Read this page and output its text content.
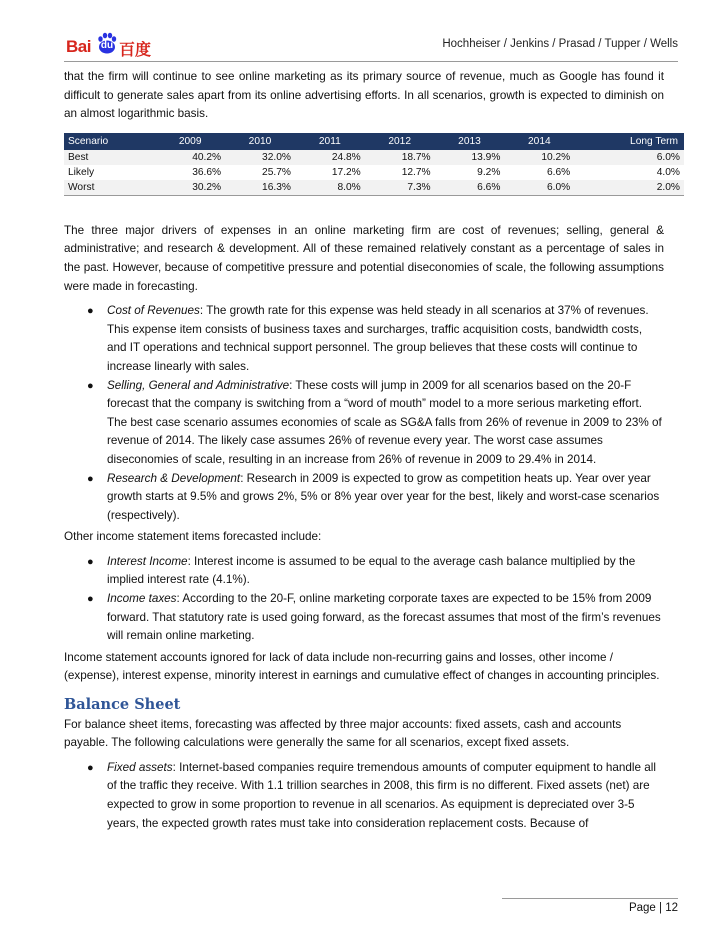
Bai du 百度	Hochheiser / Jenkins / Prasad / Tupper / Wells

that the firm will continue to see online marketing as its primary source of revenue, much as Google has found it difficult to generate sales apart from its online advertising efforts. In all scenarios, growth is expected to diminish on an almost logarithmic basis.

Scenario	2009	2010	2011	2012	2013	2014	Long Term
Best	40.2%	32.0%	24.8%	18.7%	13.9%	10.2%	6.0%
Likely	36.6%	25.7%	17.2%	12.7%	9.2%	6.6%	4.0%
Worst	30.2%	16.3%	8.0%	7.3%	6.6%	6.0%	2.0%

The three major drivers of expenses in an online marketing firm are cost of revenues; selling, general & administrative; and research & development. All of these remained relatively constant as a percentage of sales in the past. However, because of competitive pressure and potential diseconomies of scale, the following assumptions were made in forecasting.

● Cost of Revenues: The growth rate for this expense was held steady in all scenarios at 37% of revenues. This expense item consists of business taxes and surcharges, traffic acquisition costs, bandwidth costs, and IT operations and technical support personnel. The group believes that these costs will continue to increase linearly with sales.
● Selling, General and Administrative: These costs will jump in 2009 for all scenarios based on the 20-F forecast that the company is switching from a “word of mouth” model to a more serious marketing effort. The best case scenario assumes economies of scale as SG&A falls from 26% of revenue in 2009 to 23% of revenue of 2014. The likely case assumes 26% of revenue every year. The worst case assumes diseconomies of scale, resulting in an increase from 26% of revenue in 2009 to 29.4% in 2014.
● Research & Development: Research in 2009 is expected to grow as competition heats up. Year over year growth starts at 9.5% and grows 2%, 5% or 8% year over year for the best, likely and worst-case scenarios (respectively).

Other income statement items forecasted include:

● Interest Income: Interest income is assumed to be equal to the average cash balance multiplied by the implied interest rate (4.1%).
● Income taxes: According to the 20-F, online marketing corporate taxes are expected to be 15% from 2009 forward. That statutory rate is used going forward, as the forecast assumes that most of the firm’s revenues will remain online marketing.

Income statement accounts ignored for lack of data include non-recurring gains and losses, other income / (expense), interest expense, minority interest in earnings and cumulative effect of changes in accounting principles.

Balance Sheet

For balance sheet items, forecasting was affected by three major accounts: fixed assets, cash and accounts payable. The following calculations were generally the same for all scenarios, except fixed assets.

● Fixed assets: Internet-based companies require tremendous amounts of computer equipment to handle all of the traffic they receive. With 1.1 trillion searches in 2008, this firm is no different. Fixed assets (net) are expected to grow in some proportion to revenue in all scenarios. As equipment is depreciated over 3-5 years, the expected growth rates must take into consideration replacement costs. Because of
Page | 12
